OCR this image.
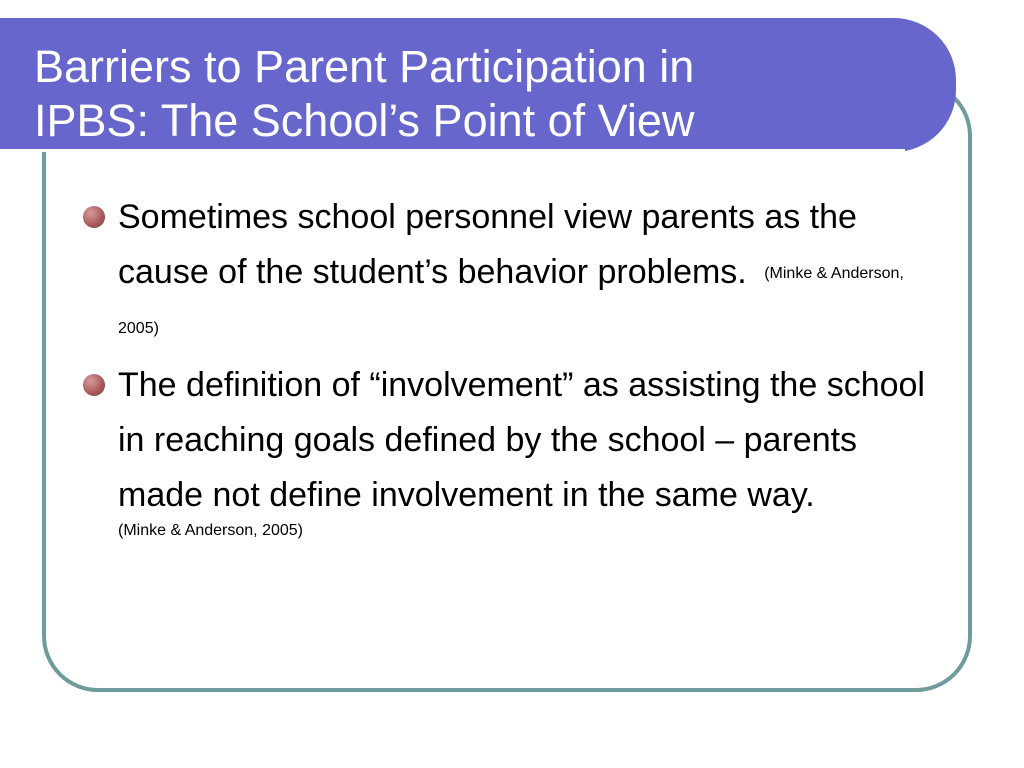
Barriers to Parent Participation in
IPBS: The School’s Point of View
Sometimes school personnel view parents as the cause of the student’s behavior problems. (Minke & Anderson, 2005)
The definition of “involvement” as assisting the school in reaching goals defined by the school – parents made not define involvement in the same way.
(Minke & Anderson, 2005)
